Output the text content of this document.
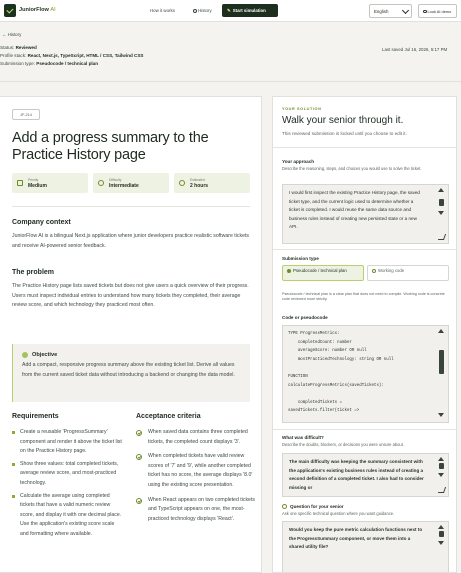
JuniorFlow AI	How it works	History	✎ Start simulation	English	Look AI demo
← History
Status: Reviewed
Profile stack: React, Next.js, TypeScript, HTML / CSS, Tailwind CSS
Submission type: Pseudocode / technical plan
Last saved Jul 16, 2026, 5:17 PM
JF-214
Add a progress summary to the Practice History page
Priority
Medium
Difficulty
Intermediate
Estimated
2 hours
Company context
JuniorFlow AI is a bilingual Next.js application where junior developers practice realistic software tickets and receive AI-powered senior feedback.
The problem
The Practice History page lists saved tickets but does not give users a quick overview of their progress. Users must inspect individual entries to understand how many tickets they completed, their average review score, and which technology they practiced most often.
Objective
Add a compact, responsive progress summary above the existing ticket list. Derive all values from the current saved ticket data without introducing a backend or changing the data model.
Requirements
Create a reusable 'ProgressSummary' component and render it above the ticket list on the Practice History page.
Show three values: total completed tickets, average review score, and most-practiced technology.
Calculate the average using completed tickets that have a valid numeric review score, and display it with one decimal place. Use the application's existing score scale and formatting where available.
Acceptance criteria
When saved data contains three completed tickets, the completed count displays '3'.
When completed tickets have valid review scores of '7' and '9', while another completed ticket has no score, the average displays '8.0' using the existing score presentation.
When React appears on two completed tickets and TypeScript appears on one, the most-practiced technology displays 'React'.
YOUR SOLUTION
Walk your senior through it.
This reviewed submission is locked until you choose to edit it.
Your approach
Describe the reasoning, steps, and choices you would use to solve the ticket.
I would first inspect the existing Practice History page, the saved ticket type, and the current logic used to determine whether a ticket is completed. I would reuse the same data source and business rules instead of creating new persisted state or a new API.
Submission type
Pseudocode / technical plan	Working code
Pseudocode / technical plan is a clear plan that does not need to compile. Working code is concrete code reviewed more strictly.
Code or pseudocode
TYPE ProgressMetrics:
completedCount: number
averageScore: number OR null
mostPracticedTechnology: string OR null

FUNCTION
calculateProgressMetrics(savedTickets):

completedTickets =
savedTickets.filter(ticket =>

What was difficult?
Describe the doubts, blockers, or decisions you were unsure about.
The main difficulty was keeping the summary consistent with the application's existing business rules instead of creating a second definition of a completed ticket. I also had to consider missing or
Question for your senior
Ask one specific technical question where you want guidance.
Would you keep the pure metric calculation functions next to the ProgressSummary component, or move them into a shared utility file?
